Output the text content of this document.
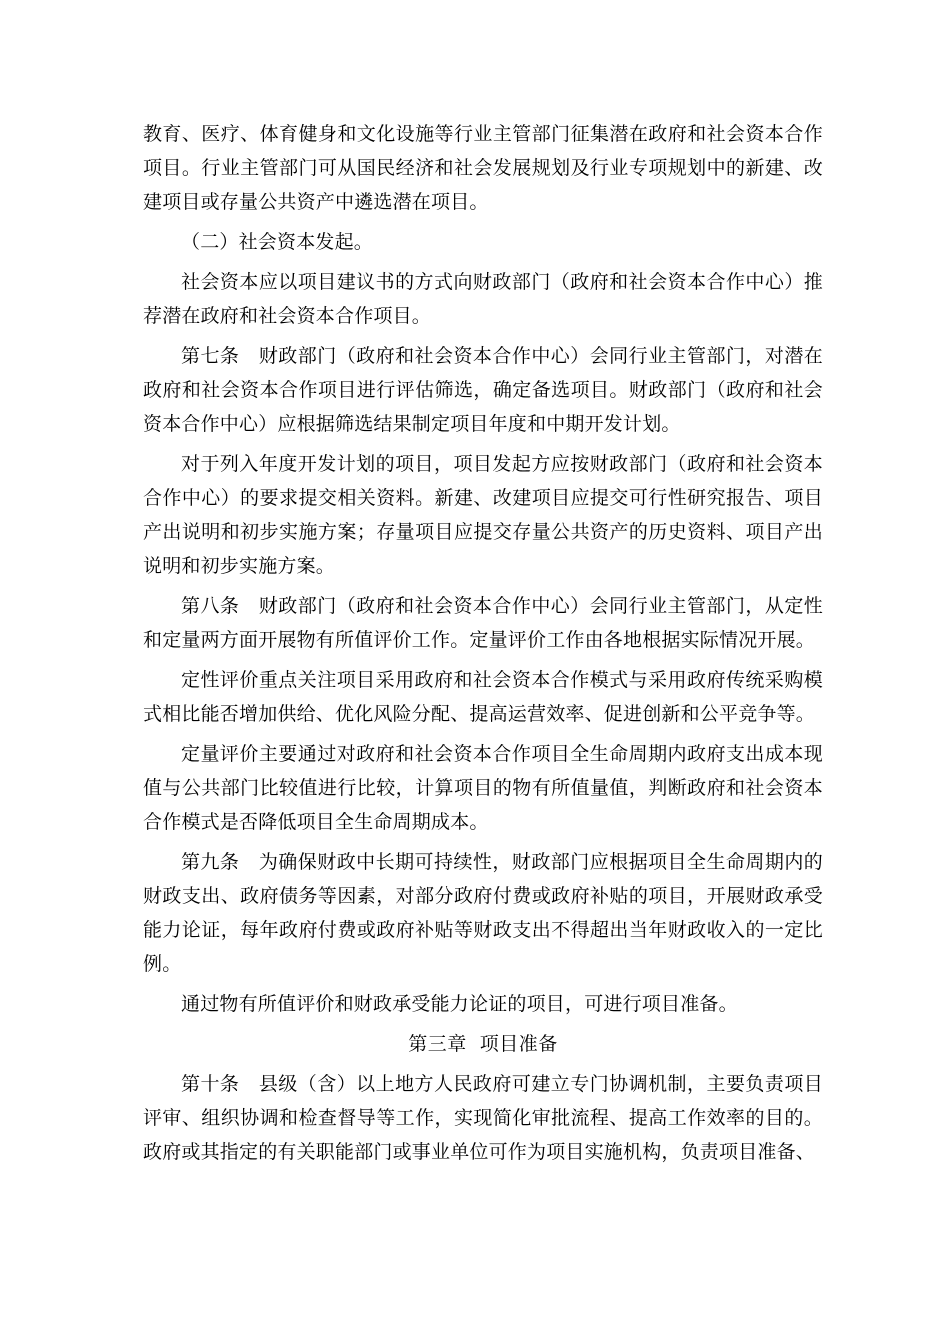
教育、医疗、体育健身和文化设施等行业主管部门征集潜在政府和社会资本合作项目。行业主管部门可从国民经济和社会发展规划及行业专项规划中的新建、改建项目或存量公共资产中遴选潜在项目。

（二）社会资本发起。

社会资本应以项目建议书的方式向财政部门（政府和社会资本合作中心）推荐潜在政府和社会资本合作项目。

第七条　财政部门（政府和社会资本合作中心）会同行业主管部门，对潜在政府和社会资本合作项目进行评估筛选，确定备选项目。财政部门（政府和社会资本合作中心）应根据筛选结果制定项目年度和中期开发计划。

对于列入年度开发计划的项目，项目发起方应按财政部门（政府和社会资本合作中心）的要求提交相关资料。新建、改建项目应提交可行性研究报告、项目产出说明和初步实施方案；存量项目应提交存量公共资产的历史资料、项目产出说明和初步实施方案。

第八条　财政部门（政府和社会资本合作中心）会同行业主管部门，从定性和定量两方面开展物有所值评价工作。定量评价工作由各地根据实际情况开展。

定性评价重点关注项目采用政府和社会资本合作模式与采用政府传统采购模式相比能否增加供给、优化风险分配、提高运营效率、促进创新和公平竞争等。

定量评价主要通过对政府和社会资本合作项目全生命周期内政府支出成本现值与公共部门比较值进行比较，计算项目的物有所值量值，判断政府和社会资本合作模式是否降低项目全生命周期成本。

第九条　为确保财政中长期可持续性，财政部门应根据项目全生命周期内的财政支出、政府债务等因素，对部分政府付费或政府补贴的项目，开展财政承受能力论证，每年政府付费或政府补贴等财政支出不得超出当年财政收入的一定比例。

通过物有所值评价和财政承受能力论证的项目，可进行项目准备。

第三章  项目准备

第十条　县级（含）以上地方人民政府可建立专门协调机制，主要负责项目评审、组织协调和检查督导等工作，实现简化审批流程、提高工作效率的目的。政府或其指定的有关职能部门或事业单位可作为项目实施机构，负责项目准备、
